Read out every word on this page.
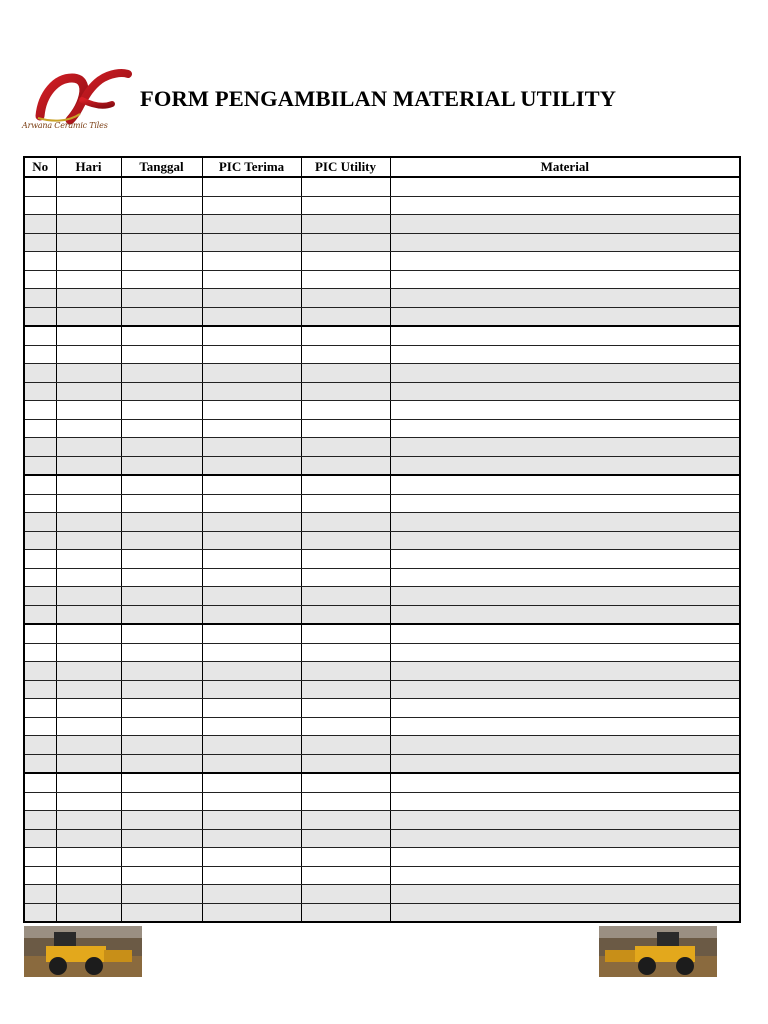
Arwana Ceramic Tiles
FORM PENGAMBILAN MATERIAL UTILITY
No	Hari	Tanggal	PIC Terima	PIC Utility	Material
